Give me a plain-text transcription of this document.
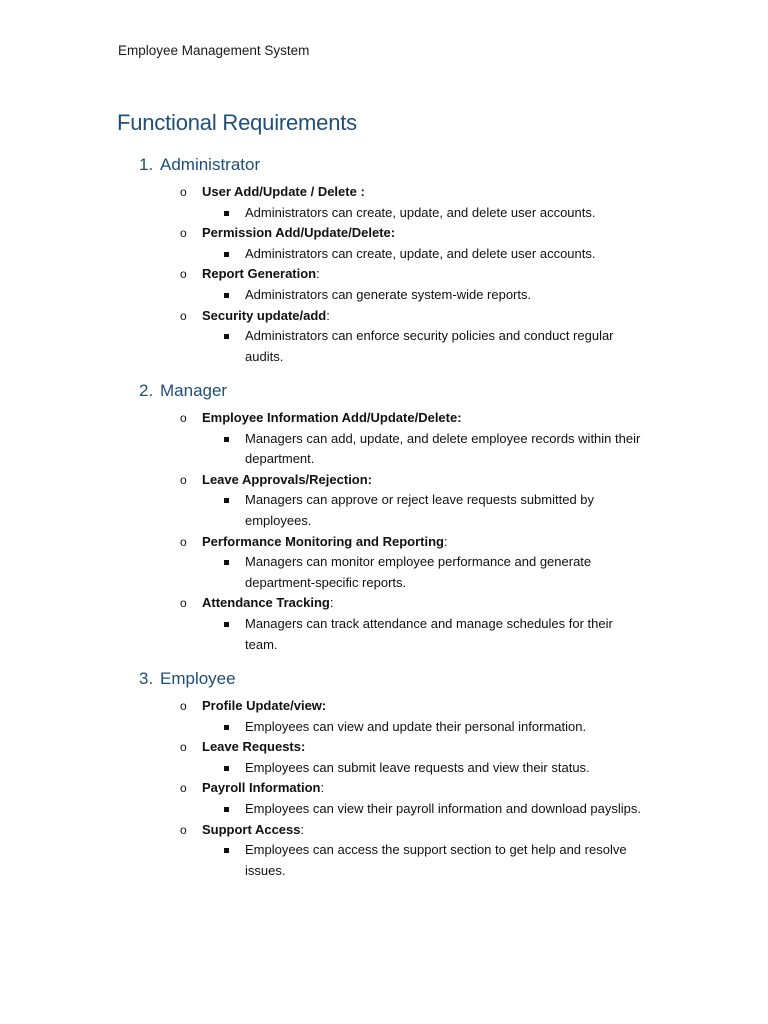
Employee Management System
Functional Requirements
1. Administrator
o User Add/Update / Delete :
Administrators can create, update, and delete user accounts.
o Permission Add/Update/Delete:
Administrators can create, update, and delete user accounts.
o Report Generation:
Administrators can generate system-wide reports.
o Security update/add:
Administrators can enforce security policies and conduct regular audits.
2. Manager
o Employee Information Add/Update/Delete:
Managers can add, update, and delete employee records within their department.
o Leave Approvals/Rejection:
Managers can approve or reject leave requests submitted by employees.
o Performance Monitoring and Reporting:
Managers can monitor employee performance and generate department-specific reports.
o Attendance Tracking:
Managers can track attendance and manage schedules for their team.
3. Employee
o Profile Update/view:
Employees can view and update their personal information.
o Leave Requests:
Employees can submit leave requests and view their status.
o Payroll Information:
Employees can view their payroll information and download payslips.
o Support Access:
Employees can access the support section to get help and resolve issues.
